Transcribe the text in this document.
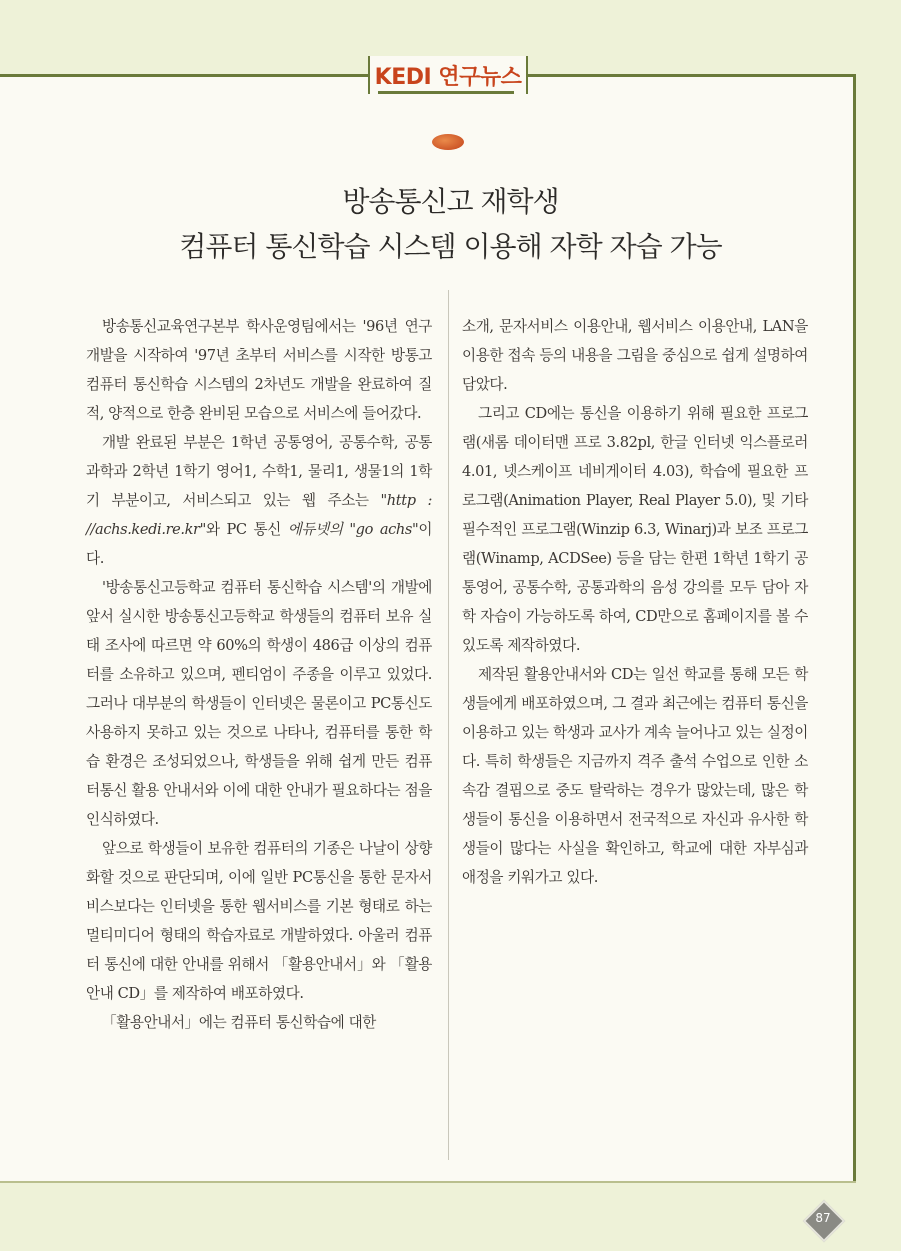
KEDI 연구뉴스
방송통신고 재학생
컴퓨터 통신학습 시스템 이용해 자학 자습 가능

방송통신교육연구본부 학사운영팀에서는 '96년 연구 개발을 시작하여 '97년 초부터 서비스를 시작한 방통고 컴퓨터 통신학습 시스템의 2차년도 개발을 완료하여 질적, 양적으로 한층 완비된 모습으로 서비스에 들어갔다.

개발 완료된 부분은 1학년 공통영어, 공통수학, 공통과학과 2학년 1학기 영어1, 수학1, 물리1, 생물1의 1학기 부분이고, 서비스되고 있는 웹 주소는 "http : //achs.kedi.re.kr"와 PC 통신 에듀넷의 "go achs"이다.

'방송통신고등학교 컴퓨터 통신학습 시스템'의 개발에 앞서 실시한 방송통신고등학교 학생들의 컴퓨터 보유 실태 조사에 따르면 약 60%의 학생이 486급 이상의 컴퓨터를 소유하고 있으며, 펜티엄이 주종을 이루고 있었다. 그러나 대부분의 학생들이 인터넷은 물론이고 PC통신도 사용하지 못하고 있는 것으로 나타나, 컴퓨터를 통한 학습 환경은 조성되었으나, 학생들을 위해 쉽게 만든 컴퓨터통신 활용 안내서와 이에 대한 안내가 필요하다는 점을 인식하였다.

앞으로 학생들이 보유한 컴퓨터의 기종은 나날이 상향화할 것으로 판단되며, 이에 일반 PC통신을 통한 문자서비스보다는 인터넷을 통한 웹서비스를 기본 형태로 하는 멀티미디어 형태의 학습자료로 개발하였다. 아울러 컴퓨터 통신에 대한 안내를 위해서 「활용안내서」와 「활용안내 CD」를 제작하여 배포하였다.

「활용안내서」에는 컴퓨터 통신학습에 대한

소개, 문자서비스 이용안내, 웹서비스 이용안내, LAN을 이용한 접속 등의 내용을 그림을 중심으로 쉽게 설명하여 담았다.

그리고 CD에는 통신을 이용하기 위해 필요한 프로그램(새롬 데이터맨 프로 3.82pl, 한글 인터넷 익스플로러 4.01, 넷스케이프 네비게이터 4.03), 학습에 필요한 프로그램(Animation Player, Real Player 5.0), 및 기타 필수적인 프로그램(Winzip 6.3, Winarj)과 보조 프로그램(Winamp, ACDSee) 등을 담는 한편 1학년 1학기 공통영어, 공통수학, 공통과학의 음성 강의를 모두 담아 자학 자습이 가능하도록 하여, CD만으로 홈페이지를 볼 수 있도록 제작하였다.

제작된 활용안내서와 CD는 일선 학교를 통해 모든 학생들에게 배포하였으며, 그 결과 최근에는 컴퓨터 통신을 이용하고 있는 학생과 교사가 계속 늘어나고 있는 실정이다. 특히 학생들은 지금까지 격주 출석 수업으로 인한 소속감 결핍으로 중도 탈락하는 경우가 많았는데, 많은 학생들이 통신을 이용하면서 전국적으로 자신과 유사한 학생들이 많다는 사실을 확인하고, 학교에 대한 자부심과 애정을 키워가고 있다.

87
